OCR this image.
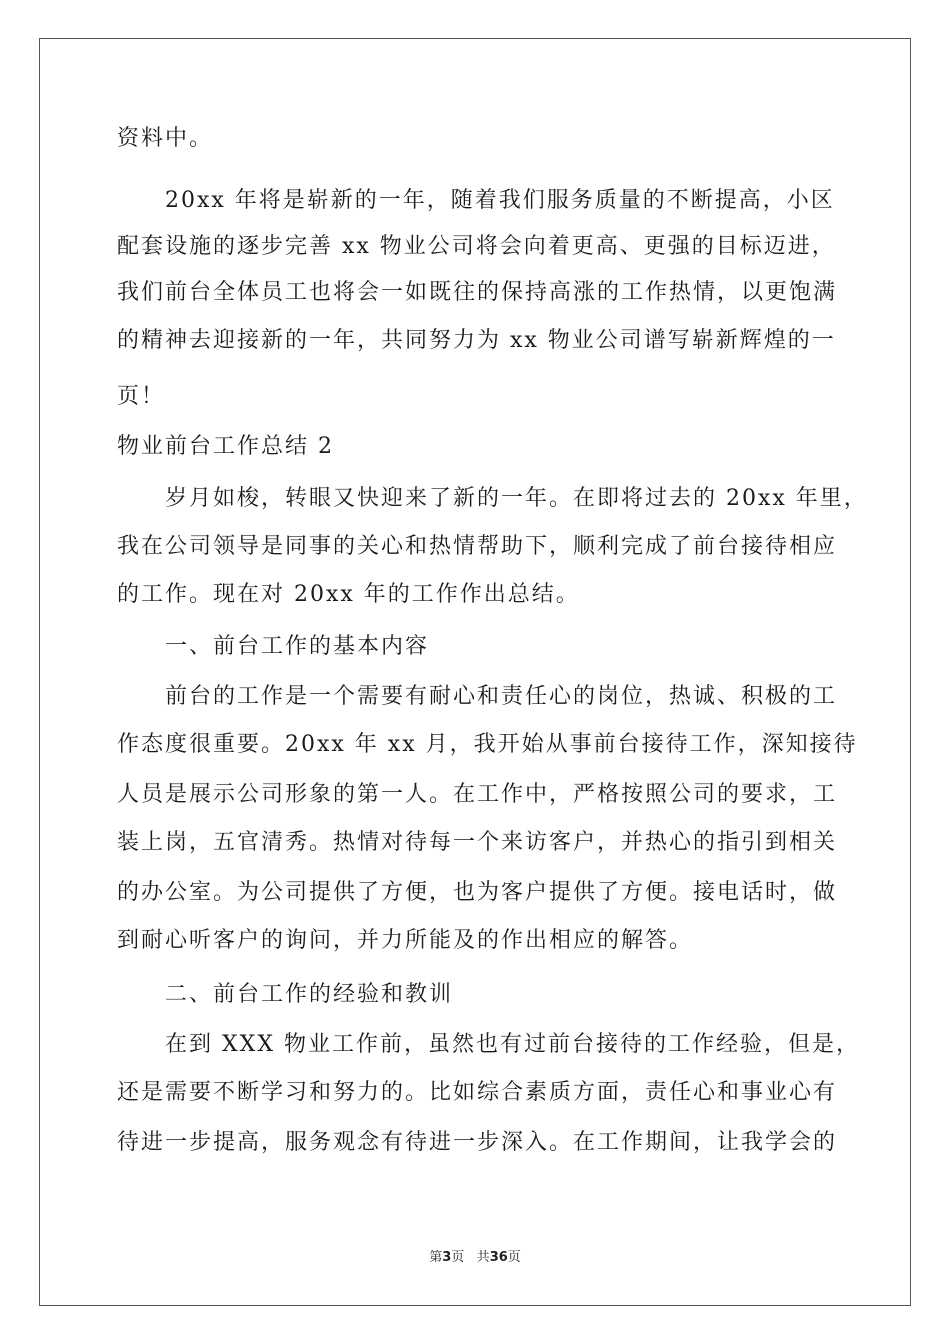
资料中。
20xx 年将是崭新的一年，随着我们服务质量的不断提高，小区
配套设施的逐步完善 xx 物业公司将会向着更高、更强的目标迈进，
我们前台全体员工也将会一如既往的保持高涨的工作热情，以更饱满
的精神去迎接新的一年，共同努力为 xx 物业公司谱写崭新辉煌的一
页！
物业前台工作总结 2
岁月如梭，转眼又快迎来了新的一年。在即将过去的 20xx 年里，
我在公司领导是同事的关心和热情帮助下，顺利完成了前台接待相应
的工作。现在对 20xx 年的工作作出总结。
一、前台工作的基本内容
前台的工作是一个需要有耐心和责任心的岗位，热诚、积极的工
作态度很重要。20xx 年 xx 月，我开始从事前台接待工作，深知接待
人员是展示公司形象的第一人。在工作中，严格按照公司的要求，工
装上岗，五官清秀。热情对待每一个来访客户，并热心的指引到相关
的办公室。为公司提供了方便，也为客户提供了方便。接电话时，做
到耐心听客户的询问，并力所能及的作出相应的解答。
二、前台工作的经验和教训
在到 XXX 物业工作前，虽然也有过前台接待的工作经验，但是，
还是需要不断学习和努力的。比如综合素质方面，责任心和事业心有
待进一步提高，服务观念有待进一步深入。在工作期间，让我学会的
第3页 共36页
